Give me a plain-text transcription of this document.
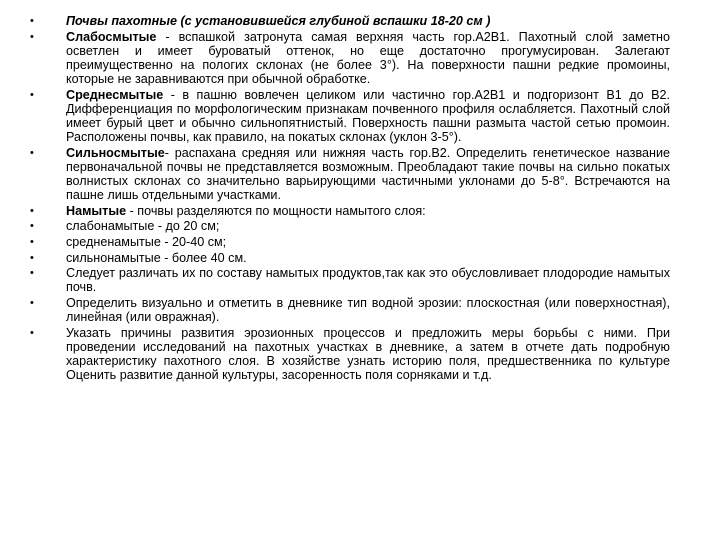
•	Почвы пахотные (с установившейся глубиной вспашки 18-20 см )
•	Слабосмытые - вспашкой затронута самая верхняя часть гор.А2В1. Пахотный слой заметно осветлен и имеет буроватый оттенок, но еще достаточно прогумусирован. Залегают преимущественно на пологих склонах (не более 3°). На поверхности пашни редкие промоины, которые не заравниваются при обычной обработке.
•	Среднесмытые - в пашню вовлечен целиком или частично гор.А2В1 и подгоризонт В1 до В2. Дифференциация по морфологическим признакам почвенного профиля ослабляется. Пахотный слой имеет бурый цвет и обычно сильнопятнистый. Поверхность пашни размыта частой сетью промоин. Расположены почвы, как правило, на покатых склонах (уклон 3-5°).
•	Сильносмытые- распахана средняя или нижняя часть гор.В2. Определить генетическое название первоначальной почвы не представляется возможным. Преобладают такие почвы на сильно покатых волнистых склонах со значительно варьирующими частичными уклонами до 5-8°. Встречаются на пашне лишь отдельными участками.
•	Намытые - почвы разделяются по мощности намытого слоя:
•	слабонамытые - до 20 см;
•	средненамытые - 20-40 см;
•	сильнонамытые - более 40 см.
•	Следует различать их по составу намытых продуктов,так как это обусловливает плодородие намытых почв.
•	Определить визуально и отметить в дневнике тип водной эрозии: плоскостная (или поверхностная), линейная (или овражная).
•	Указать причины развития эрозионных процессов и предложить меры борьбы с ними. При проведении исследований на пахотных участках в дневнике, а затем в отчете дать подробную характеристику пахотного слоя. В хозяйстве узнать историю поля, предшественника по культуре Оценить развитие данной культуры, засоренность поля сорняками и т.д.
